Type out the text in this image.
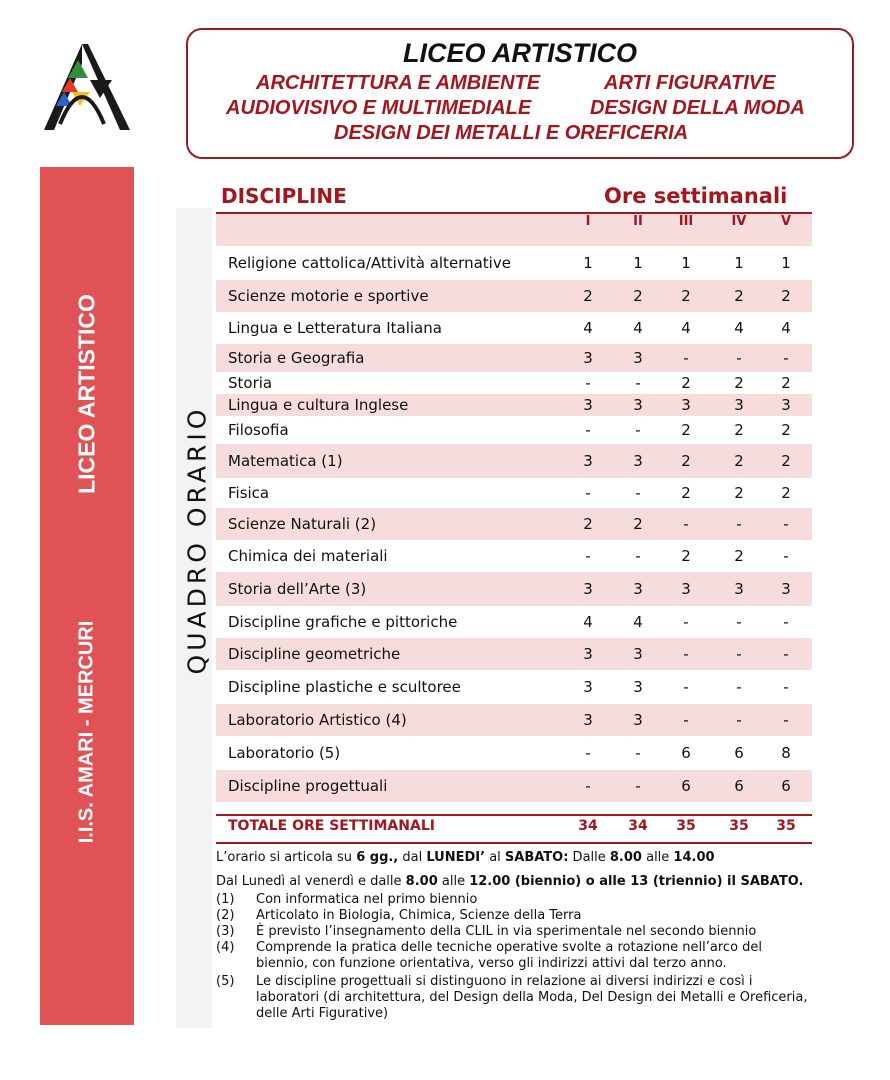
LICEO ARTISTICO
ARCHITETTURA E AMBIENTE	ARTI FIGURATIVE
AUDIOVISIVO E MULTIMEDIALE	DESIGN DELLA MODA
DESIGN DEI METALLI E OREFICERIA
LICEO ARTISTICO
I.I.S. AMARI - MERCURI
QUADRO ORARIO
DISCIPLINE	Ore settimanali
I	II	III	IV	V
Religione cattolica/Attività alternative	1	1	1	1	1
Scienze motorie e sportive	2	2	2	2	2
Lingua e Letteratura Italiana	4	4	4	4	4
Storia e Geografia	3	3	-	-	-
Storia	-	-	2	2	2
Lingua e cultura Inglese	3	3	3	3	3
Filosofia	-	-	2	2	2
Matematica (1)	3	3	2	2	2
Fisica	-	-	2	2	2
Scienze Naturali (2)	2	2	-	-	-
Chimica dei materiali	-	-	2	2	-
Storia dell’Arte (3)	3	3	3	3	3
Discipline grafiche e pittoriche	4	4	-	-	-
Discipline geometriche	3	3	-	-	-
Discipline plastiche e scultoree	3	3	-	-	-
Laboratorio Artistico (4)	3	3	-	-	-
Laboratorio (5)	-	-	6	6	8
Discipline progettuali	-	-	6	6	6
TOTALE ORE SETTIMANALI	34	34	35	35	35
L’orario si articola su 6 gg., dal LUNEDI’ al SABATO: Dalle 8.00 alle 14.00
Dal Lunedì al venerdì e dalle 8.00 alle 12.00 (biennio) o alle 13 (triennio) il SABATO.
(1) Con informatica nel primo biennio
(2) Articolato in Biologia, Chimica, Scienze della Terra
(3) È previsto l’insegnamento della CLIL in via sperimentale nel secondo biennio
(4) Comprende la pratica delle tecniche operative svolte a rotazione nell’arco del biennio, con funzione orientativa, verso gli indirizzi attivi dal terzo anno.
(5) Le discipline progettuali si distinguono in relazione ai diversi indirizzi e così i laboratori (di architettura, del Design della Moda, Del Design dei Metalli e Oreficeria, delle Arti Figurative)
